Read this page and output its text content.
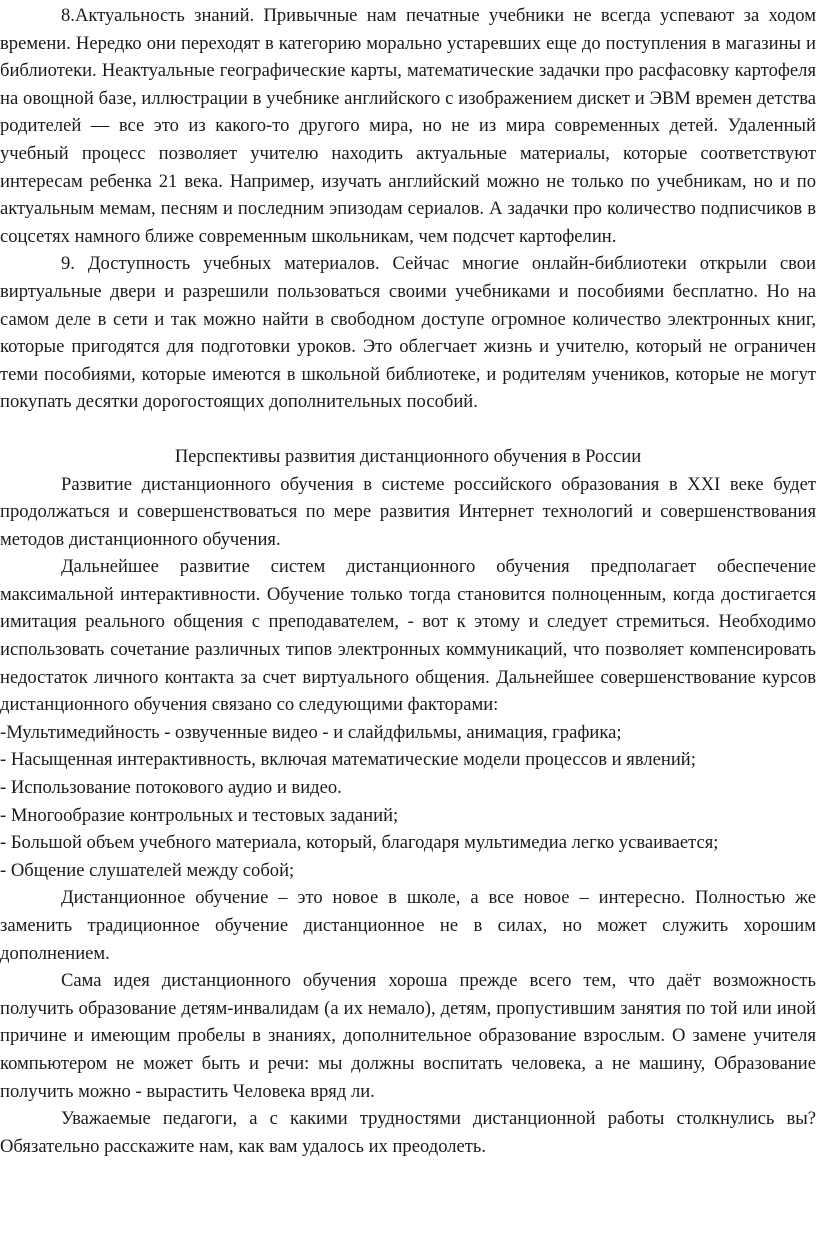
8.Актуальность знаний. Привычные нам печатные учебники не всегда успевают за ходом времени. Нередко они переходят в категорию морально устаревших еще до поступления в магазины и библиотеки. Неактуальные географические карты, математические задачки про расфасовку картофеля на овощной базе, иллюстрации в учебнике английского с изображением дискет и ЭВМ времен детства родителей — все это из какого-то другого мира, но не из мира современных детей. Удаленный учебный процесс позволяет учителю находить актуальные материалы, которые соответствуют интересам ребенка 21 века. Например, изучать английский можно не только по учебникам, но и по актуальным мемам, песням и последним эпизодам сериалов. А задачки про количество подписчиков в соцсетях намного ближе современным школьникам, чем подсчет картофелин.

9. Доступность учебных материалов. Сейчас многие онлайн-библиотеки открыли свои виртуальные двери и разрешили пользоваться своими учебниками и пособиями бесплатно. Но на самом деле в сети и так можно найти в свободном доступе огромное количество электронных книг, которые пригодятся для подготовки уроков. Это облегчает жизнь и учителю, который не ограничен теми пособиями, которые имеются в школьной библиотеке, и родителям учеников, которые не могут покупать десятки дорогостоящих дополнительных пособий.

Перспективы развития дистанционного обучения в России

Развитие дистанционного обучения в системе российского образования в XXI веке будет продолжаться и совершенствоваться по мере развития Интернет технологий и совершенствования методов дистанционного обучения.

Дальнейшее развитие систем дистанционного обучения предполагает обеспечение максимальной интерактивности. Обучение только тогда становится полноценным, когда достигается имитация реального общения с преподавателем, - вот к этому и следует стремиться. Необходимо использовать сочетание различных типов электронных коммуникаций, что позволяет компенсировать недостаток личного контакта за счет виртуального общения. Дальнейшее совершенствование курсов дистанционного обучения связано со следующими факторами:

-Мультимедийность - озвученные видео - и слайдфильмы, анимация, графика;

- Насыщенная интерактивность, включая математические модели процессов и явлений;

- Использование потокового аудио и видео.

- Многообразие контрольных и тестовых заданий;

- Большой объем учебного материала, который, благодаря мультимедиа легко усваивается;

- Общение слушателей между собой;

Дистанционное обучение – это новое в школе, а все новое – интересно. Полностью же заменить традиционное обучение дистанционное не в силах, но может служить хорошим дополнением.

Сама идея дистанционного обучения хороша прежде всего тем, что даёт возможность получить образование детям-инвалидам (а их немало), детям, пропустившим занятия по той или иной причине и имеющим пробелы в знаниях, дополнительное образование взрослым. О замене учителя компьютером не может быть и речи: мы должны воспитать человека, а не машину, Образование получить можно - вырастить Человека вряд ли.

Уважаемые педагоги, а с какими трудностями дистанционной работы столкнулись вы? Обязательно расскажите нам, как вам удалось их преодолеть.
